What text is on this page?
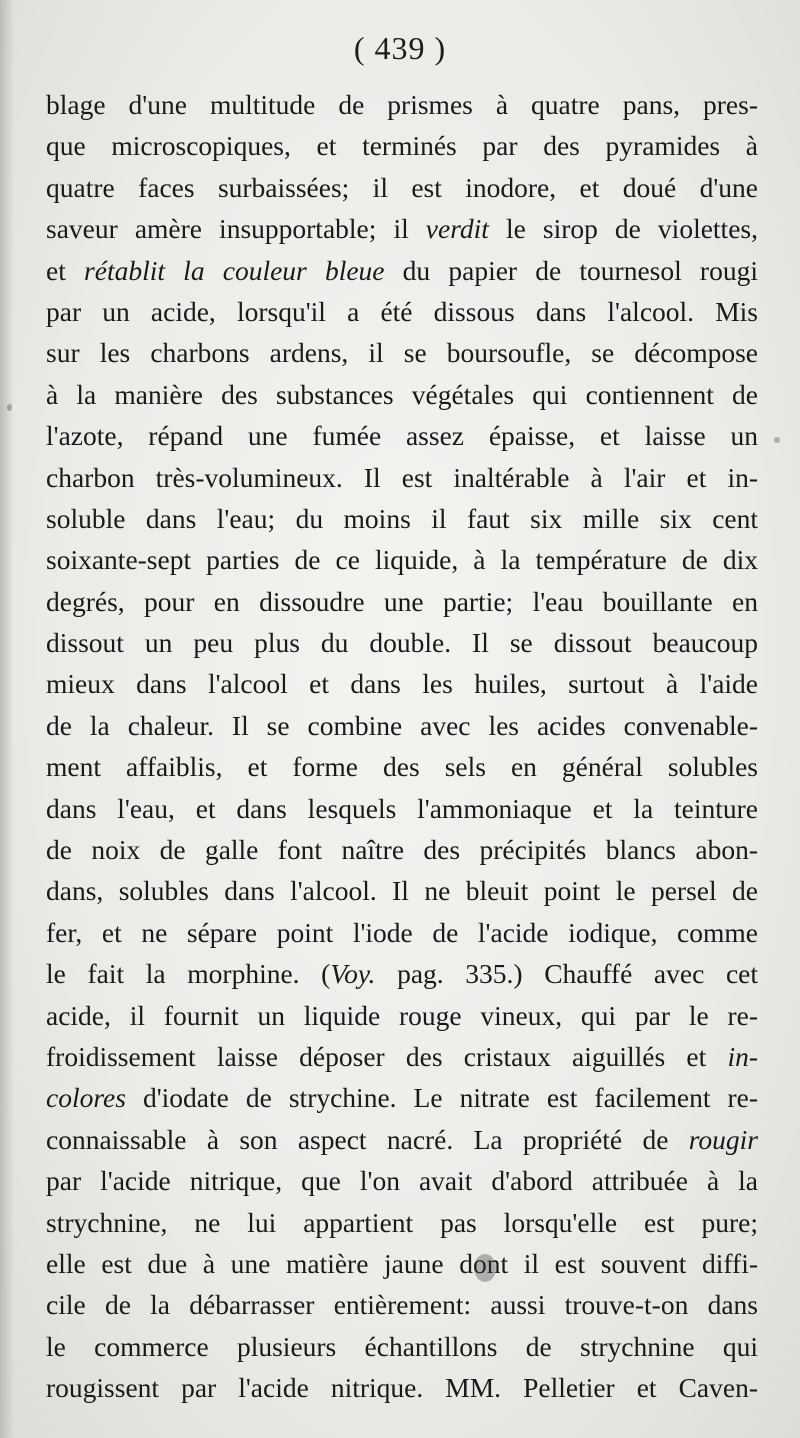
( 439 )
blage d'une multitude de prismes à quatre pans, pres-
que microscopiques, et terminés par des pyramides à
quatre faces surbaissées; il est inodore, et doué d'une
saveur amère insupportable; il verdit le sirop de violettes,
et rétablit la couleur bleue du papier de tournesol rougi
par un acide, lorsqu'il a été dissous dans l'alcool. Mis
sur les charbons ardens, il se boursoufle, se décompose
à la manière des substances végétales qui contiennent de
l'azote, répand une fumée assez épaisse, et laisse un
charbon très-volumineux. Il est inaltérable à l'air et in-
soluble dans l'eau; du moins il faut six mille six cent
soixante-sept parties de ce liquide, à la température de dix
degrés, pour en dissoudre une partie; l'eau bouillante en
dissout un peu plus du double. Il se dissout beaucoup
mieux dans l'alcool et dans les huiles, surtout à l'aide
de la chaleur. Il se combine avec les acides convenable-
ment affaiblis, et forme des sels en général solubles
dans l'eau, et dans lesquels l'ammoniaque et la teinture
de noix de galle font naître des précipités blancs abon-
dans, solubles dans l'alcool. Il ne bleuit point le persel de
fer, et ne sépare point l'iode de l'acide iodique, comme
le fait la morphine. (Voy. pag. 335.) Chauffé avec cet
acide, il fournit un liquide rouge vineux, qui par le re-
froidissement laisse déposer des cristaux aiguillés et in-
colores d'iodate de strychine. Le nitrate est facilement re-
connaissable à son aspect nacré. La propriété de rougir
par l'acide nitrique, que l'on avait d'abord attribuée à la
strychnine, ne lui appartient pas lorsqu'elle est pure;
elle est due à une matière jaune dont il est souvent diffi-
cile de la débarrasser entièrement: aussi trouve-t-on dans
le commerce plusieurs échantillons de strychnine qui
rougissent par l'acide nitrique. MM. Pelletier et Caven-
